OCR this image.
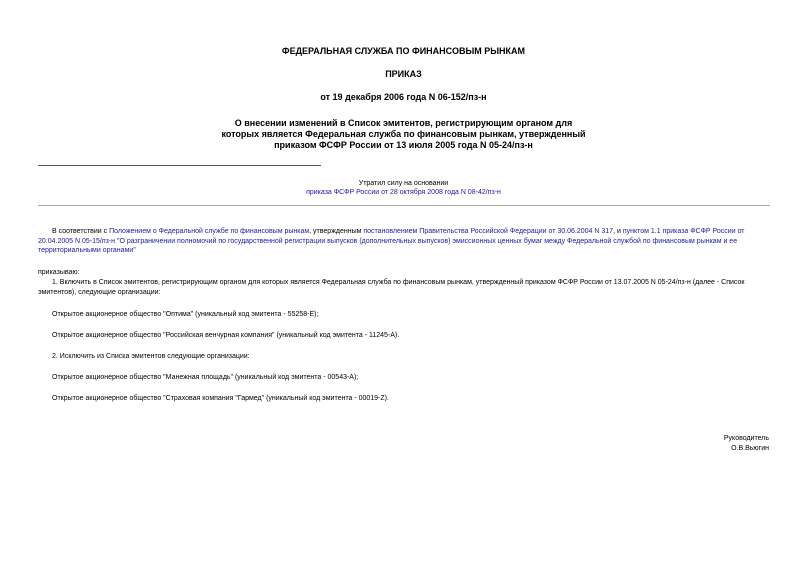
ФЕДЕРАЛЬНАЯ СЛУЖБА ПО ФИНАНСОВЫМ РЫНКАМ

ПРИКАЗ

от 19 декабря 2006 года N 06-152/пз-н

О внесении изменений в Список эмитентов, регистрирующим органом для
которых является Федеральная служба по финансовым рынкам, утвержденный
приказом ФСФР России от 13 июля 2005 года N 05-24/пз-н
Утратил силу на основании
приказа ФСФР России от 28 октября 2008 года N 08-42/пз-н

В соответствии с Положением о Федеральной службе по финансовым рынкам, утвержденным постановлением Правительства Российской Федерации от 30.06.2004 N 317, и пунктом 1.1 приказа ФСФР России от 20.04.2005 N 05-15/пз-н "О разграничении полномочий по государственной регистрации выпусков (дополнительных выпусков) эмиссионных ценных бумаг между Федеральной службой по финансовым рынкам и ее территориальными органами"

приказываю:

1. Включить в Список эмитентов, регистрирующим органом для которых является Федеральная служба по финансовым рынкам, утвержденный приказом ФСФР России от 13.07.2005 N 05-24/пз-н (далее - Список эмитентов), следующие организации:

Открытое акционерное общество "Оптима" (уникальный код эмитента - 55258-Е);

Открытое акционерное общество "Российская венчурная компания" (уникальный код эмитента - 11245-А).

2. Исключить из Списка эмитентов следующие организации:

Открытое акционерное общество "Манежная площадь" (уникальный код эмитента - 00543-А);

Открытое акционерное общество "Страховая компания "Гармед" (уникальный код эмитента - 00019-Z).

Руководитель
О.В.Вьюгин
